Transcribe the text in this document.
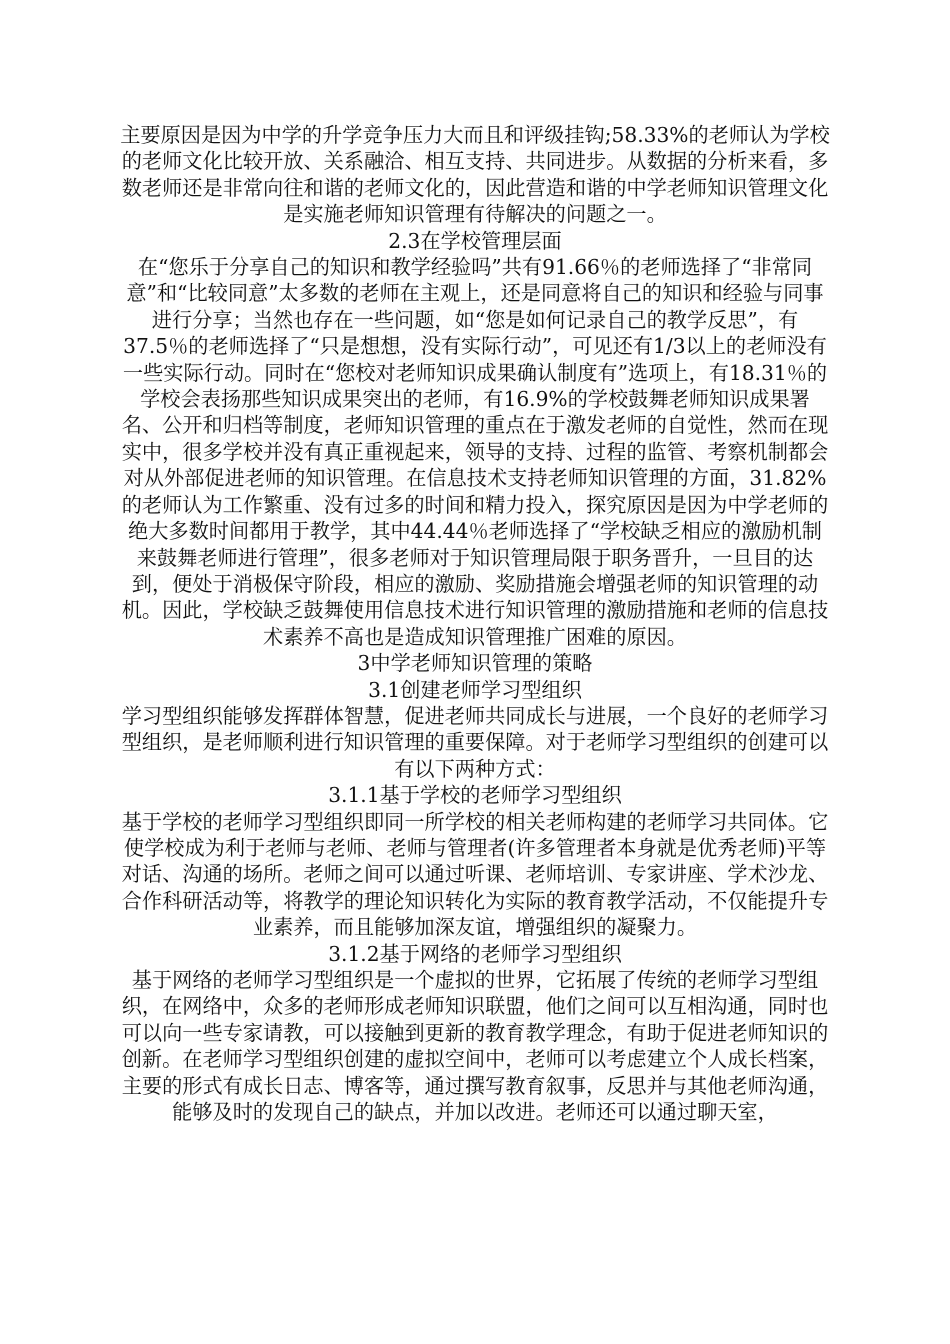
主要原因是因为中学的升学竞争压力大而且和评级挂钩;58.33%的老师认为学校的老师文化比较开放、关系融洽、相互支持、共同进步。从数据的分析来看，多数老师还是非常向往和谐的老师文化的，因此营造和谐的中学老师知识管理文化是实施老师知识管理有待解决的问题之一。

2.3在学校管理层面

在“您乐于分享自己的知识和教学经验吗”共有91.66％的老师选择了“非常同意”和“比较同意”太多数的老师在主观上，还是同意将自己的知识和经验与同事进行分享；当然也存在一些问题，如“您是如何记录自己的教学反思”，有37.5％的老师选择了“只是想想，没有实际行动”，可见还有1/3以上的老师没有一些实际行动。同时在“您校对老师知识成果确认制度有”选项上，有18.31％的学校会表扬那些知识成果突出的老师，有16.9%的学校鼓舞老师知识成果署名、公开和归档等制度，老师知识管理的重点在于激发老师的自觉性，然而在现实中，很多学校并没有真正重视起来，领导的支持、过程的监管、考察机制都会对从外部促进老师的知识管理。在信息技术支持老师知识管理的方面，31.82%的老师认为工作繁重、没有过多的时间和精力投入，探究原因是因为中学老师的绝大多数时间都用于教学，其中44.44％老师选择了“学校缺乏相应的激励机制来鼓舞老师进行管理”，很多老师对于知识管理局限于职务晋升，一旦目的达到，便处于消极保守阶段，相应的激励、奖励措施会增强老师的知识管理的动机。因此，学校缺乏鼓舞使用信息技术进行知识管理的激励措施和老师的信息技术素养不高也是造成知识管理推广困难的原因。

3中学老师知识管理的策略

3.1创建老师学习型组织

学习型组织能够发挥群体智慧，促进老师共同成长与进展，一个良好的老师学习型组织，是老师顺利进行知识管理的重要保障。对于老师学习型组织的创建可以有以下两种方式：

3.1.1基于学校的老师学习型组织

基于学校的老师学习型组织即同一所学校的相关老师构建的老师学习共同体。它使学校成为利于老师与老师、老师与管理者(许多管理者本身就是优秀老师)平等对话、沟通的场所。老师之间可以通过听课、老师培训、专家讲座、学术沙龙、合作科研活动等，将教学的理论知识转化为实际的教育教学活动，不仅能提升专业素养，而且能够加深友谊，增强组织的凝聚力。

3.1.2基于网络的老师学习型组织

基于网络的老师学习型组织是一个虚拟的世界，它拓展了传统的老师学习型组织，在网络中，众多的老师形成老师知识联盟，他们之间可以互相沟通，同时也可以向一些专家请教，可以接触到更新的教育教学理念，有助于促进老师知识的创新。在老师学习型组织创建的虚拟空间中，老师可以考虑建立个人成长档案，主要的形式有成长日志、博客等，通过撰写教育叙事，反思并与其他老师沟通，能够及时的发现自己的缺点，并加以改进。老师还可以通过聊天室，
